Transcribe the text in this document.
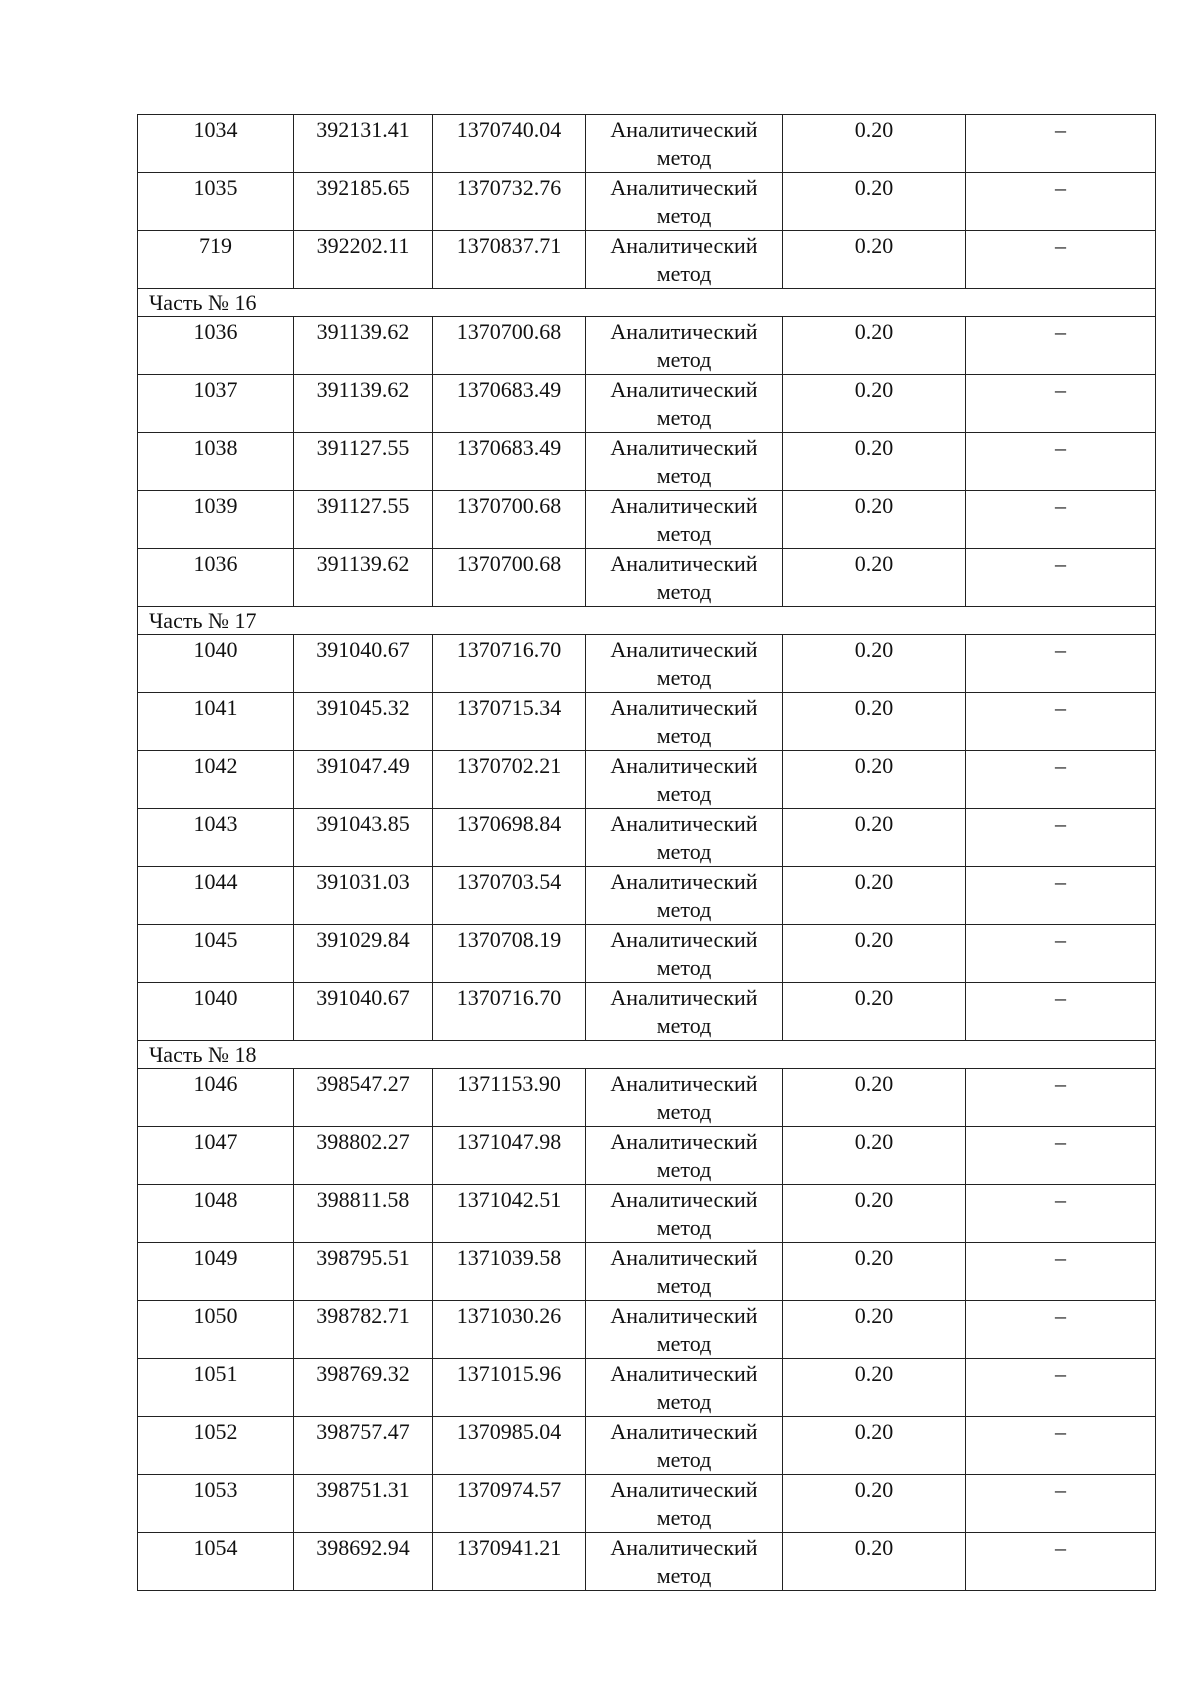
1034	392131.41	1370740.04	Аналитический метод	0.20	–
1035	392185.65	1370732.76	Аналитический метод	0.20	–
719	392202.11	1370837.71	Аналитический метод	0.20	–
Часть № 16					
1036	391139.62	1370700.68	Аналитический метод	0.20	–
1037	391139.62	1370683.49	Аналитический метод	0.20	–
1038	391127.55	1370683.49	Аналитический метод	0.20	–
1039	391127.55	1370700.68	Аналитический метод	0.20	–
1036	391139.62	1370700.68	Аналитический метод	0.20	–
Часть № 17					
1040	391040.67	1370716.70	Аналитический метод	0.20	–
1041	391045.32	1370715.34	Аналитический метод	0.20	–
1042	391047.49	1370702.21	Аналитический метод	0.20	–
1043	391043.85	1370698.84	Аналитический метод	0.20	–
1044	391031.03	1370703.54	Аналитический метод	0.20	–
1045	391029.84	1370708.19	Аналитический метод	0.20	–
1040	391040.67	1370716.70	Аналитический метод	0.20	–
Часть № 18					
1046	398547.27	1371153.90	Аналитический метод	0.20	–
1047	398802.27	1371047.98	Аналитический метод	0.20	–
1048	398811.58	1371042.51	Аналитический метод	0.20	–
1049	398795.51	1371039.58	Аналитический метод	0.20	–
1050	398782.71	1371030.26	Аналитический метод	0.20	–
1051	398769.32	1371015.96	Аналитический метод	0.20	–
1052	398757.47	1370985.04	Аналитический метод	0.20	–
1053	398751.31	1370974.57	Аналитический метод	0.20	–
1054	398692.94	1370941.21	Аналитический метод	0.20	–
